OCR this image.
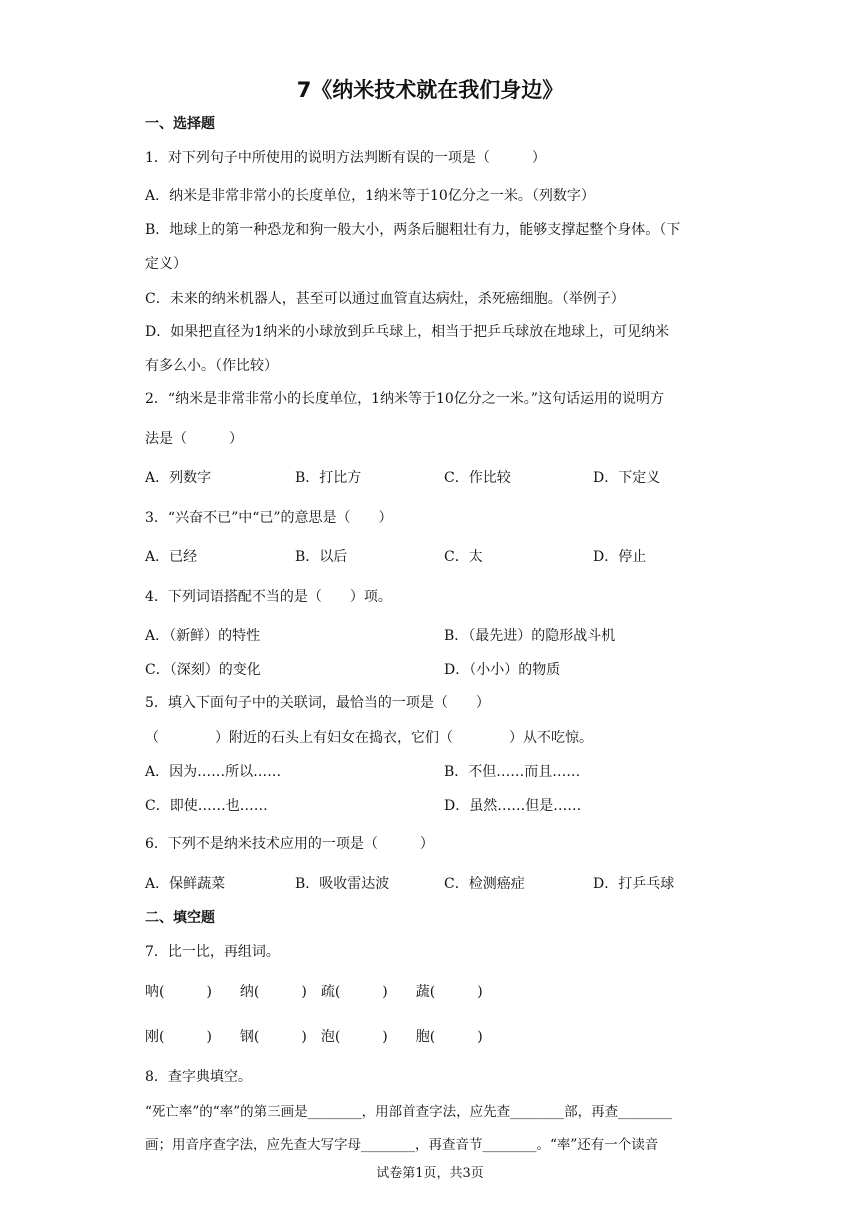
7《纳米技术就在我们身边》
一、选择题
1．对下列句子中所使用的说明方法判断有误的一项是（　　　）
A．纳米是非常非常小的长度单位，1纳米等于10亿分之一米。（列数字）
B．地球上的第一种恐龙和狗一般大小，两条后腿粗壮有力，能够支撑起整个身体。（下
定义）
C．未来的纳米机器人，甚至可以通过血管直达病灶，杀死癌细胞。（举例子）
D．如果把直径为1纳米的小球放到乒乓球上，相当于把乒乓球放在地球上，可见纳米
有多么小。（作比较）
2．“纳米是非常非常小的长度单位，1纳米等于10亿分之一米。”这句话运用的说明方
法是（　　　）
A．列数字	B．打比方	C．作比较	D．下定义
3．“兴奋不已”中“已”的意思是（　　）
A．已经	B．以后	C．太	D．停止
4．下列词语搭配不当的是（　　）项。
A．（新鲜）的特性	B．（最先进）的隐形战斗机
C．（深刻）的变化	D．（小小）的物质
5．填入下面句子中的关联词，最恰当的一项是（　　）
（　　　　）附近的石头上有妇女在捣衣，它们（　　　　）从不吃惊。
A．因为……所以……	B．不但……而且……
C．即使……也……	D．虽然……但是……
6．下列不是纳米技术应用的一项是（　　　）
A．保鲜蔬菜	B．吸收雷达波	C．检测癌症	D．打乒乓球
二、填空题
7．比一比，再组词。
呐(　　　)　　纳(　　　)　疏(　　　)　　蔬(　　　)
刚(　　　)　　钢(　　　)　泡(　　　)　　胞(　　　)
8．查字典填空。
“死亡率”的“率”的第三画是________，用部首查字法，应先查________部，再查________
画；用音序查字法，应先查大写字母________，再查音节________。“率”还有一个读音
试卷第1页，共3页
